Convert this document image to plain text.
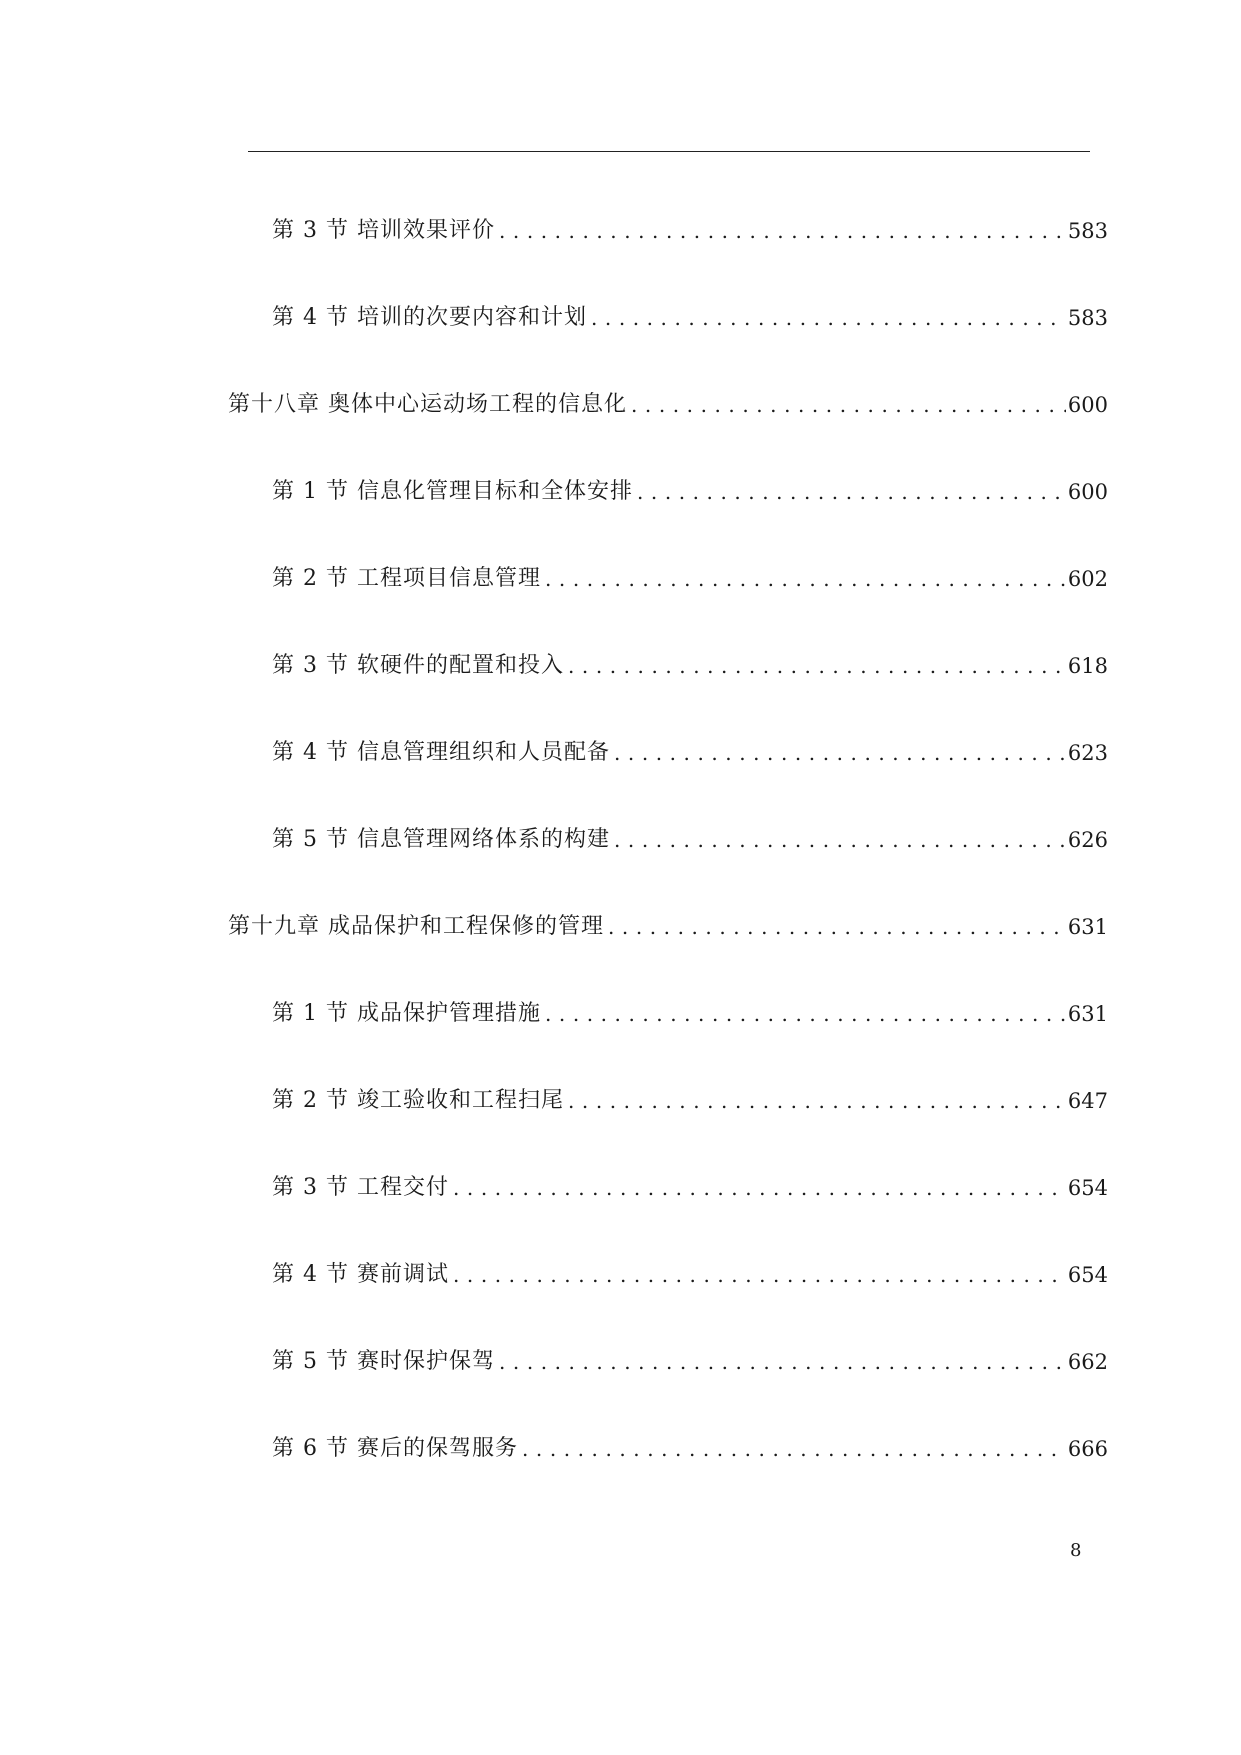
第 3 节 培训效果评价 . . .	583
第 4 节 培训的次要内容和计划 . . .	583
第十八章 奥体中心运动场工程的信息化 . . .	600
第 1 节 信息化管理目标和全体安排 . . .	600
第 2 节 工程项目信息管理 . . .	602
第 3 节 软硬件的配置和投入 . . .	618
第 4 节 信息管理组织和人员配备 . . .	623
第 5 节 信息管理网络体系的构建 . . .	626
第十九章 成品保护和工程保修的管理 . . .	631
第 1 节 成品保护管理措施 . . .	631
第 2 节 竣工验收和工程扫尾 . . .	647
第 3 节 工程交付 . . .	654
第 4 节 赛前调试 . . .	654
第 5 节 赛时保护保驾 . . .	662
第 6 节 赛后的保驾服务 . . .	666
8
